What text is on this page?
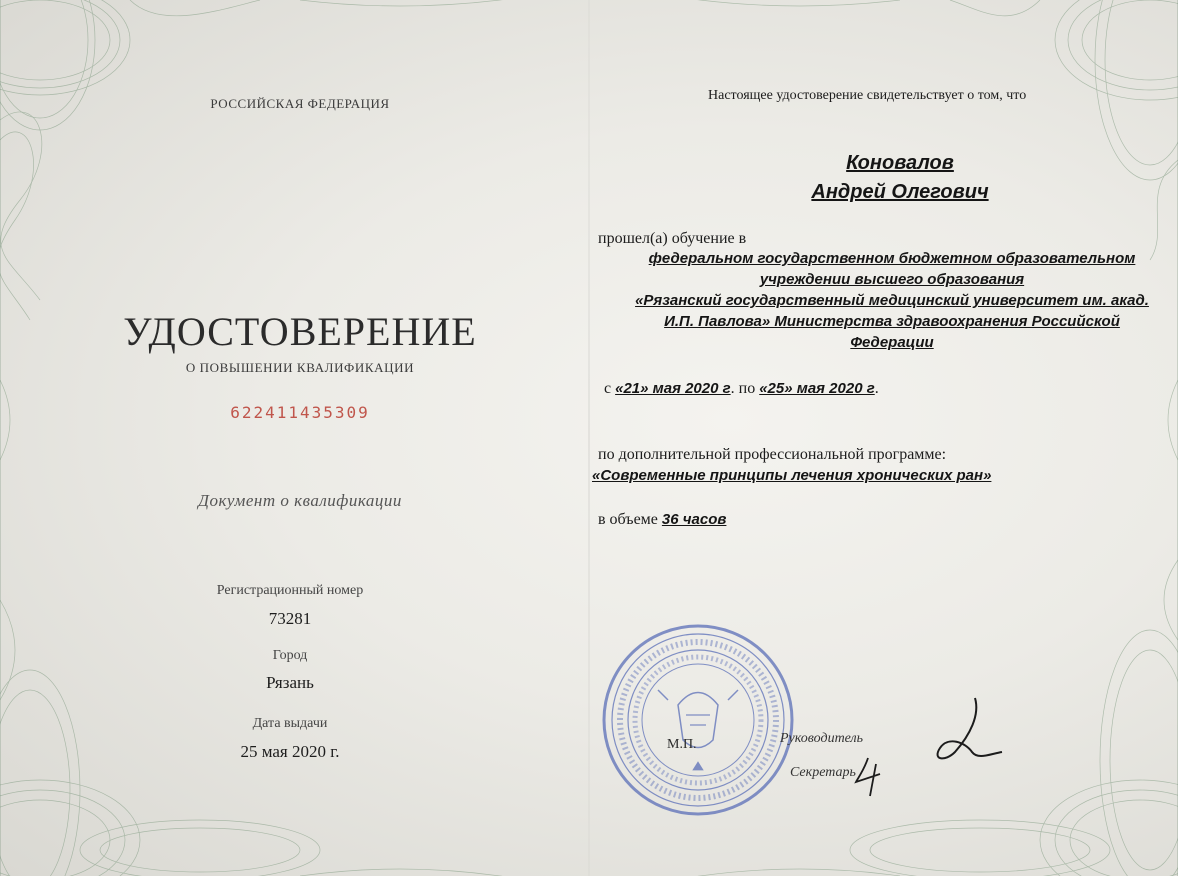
РОССИЙСКАЯ ФЕДЕРАЦИЯ
УДОСТОВЕРЕНИЕ
О ПОВЫШЕНИИ КВАЛИФИКАЦИИ
622411435309
Документ о квалификации
Регистрационный номер
73281
Город
Рязань
Дата выдачи
25 мая 2020 г.
Настоящее удостоверение свидетельствует о том, что
Коновалов
Андрей Олегович
прошел(а) обучение в
федеральном государственном бюджетном образовательном
учреждении высшего образования
«Рязанский государственный медицинский университет им. акад.
И.П. Павлова» Министерства здравоохранения Российской
Федерации
с «21» мая 2020 г. по «25» мая 2020 г.
по дополнительной профессиональной программе:
«Современные принципы лечения хронических ран»
в объеме 36 часов
М.П.	Руководитель
Секретарь
